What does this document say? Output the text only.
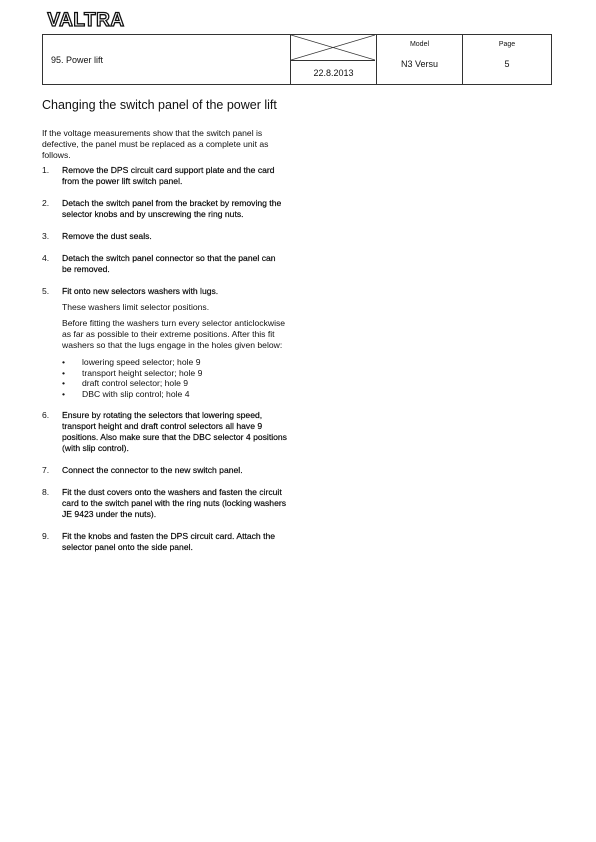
VALTRA
95. Power lift
22.8.2013
Model
N3 Versu
Page
5
Changing the switch panel of the power lift

If the voltage measurements show that the switch panel is defective, the panel must be replaced as a complete unit as follows.

1. Remove the DPS circuit card support plate and the card from the power lift switch panel.
2. Detach the switch panel from the bracket by removing the selector knobs and by unscrewing the ring nuts.
3. Remove the dust seals.
4. Detach the switch panel connector so that the panel can be removed.
5. Fit onto new selectors washers with lugs.

These washers limit selector positions.

Before fitting the washers turn every selector anticlockwise as far as possible to their extreme positions. After this fit washers so that the lugs engage in the holes given below:

• lowering speed selector; hole 9
• transport height selector; hole 9
• draft control selector; hole 9
• DBC with slip control; hole 4
6. Ensure by rotating the selectors that lowering speed, transport height and draft control selectors all have 9 positions. Also make sure that the DBC selector 4 positions (with slip control).
7. Connect the connector to the new switch panel.
8. Fit the dust covers onto the washers and fasten the circuit card to the switch panel with the ring nuts (locking washers JE 9423 under the nuts).
9. Fit the knobs and fasten the DPS circuit card. Attach the selector panel onto the side panel.
